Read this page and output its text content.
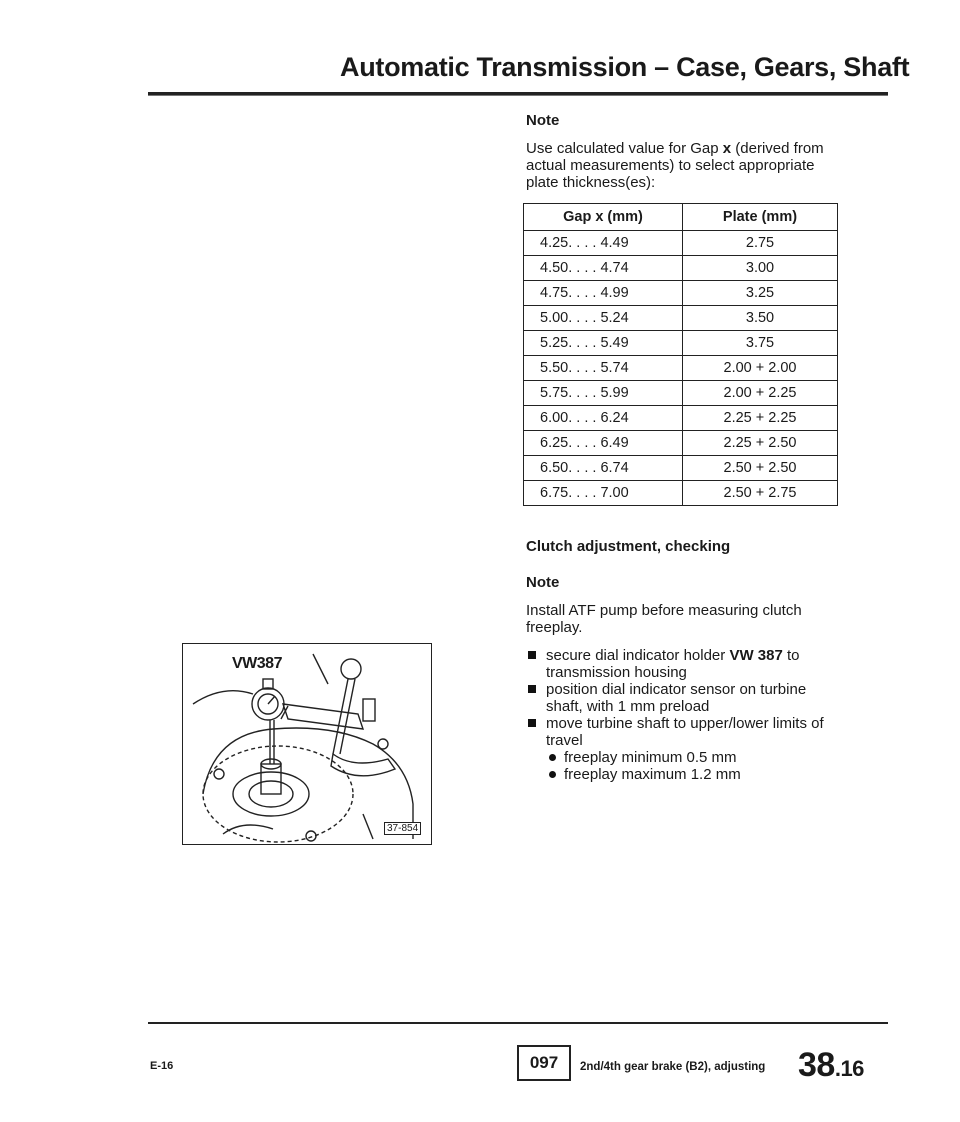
Automatic Transmission – Case, Gears, Shaft
Note
Use calculated value for Gap x (derived from actual measurements) to select appropriate plate thickness(es):
Gap x (mm)	Plate (mm)
4.25. . . . 4.49	2.75
4.50. . . . 4.74	3.00
4.75. . . . 4.99	3.25
5.00. . . . 5.24	3.50
5.25. . . . 5.49	3.75
5.50. . . . 5.74	2.00 + 2.00
5.75. . . . 5.99	2.00 + 2.25
6.00. . . . 6.24	2.25 + 2.25
6.25. . . . 6.49	2.25 + 2.50
6.50. . . . 6.74	2.50 + 2.50
6.75. . . . 7.00	2.50 + 2.75
Clutch adjustment, checking
Note
Install ATF pump before measuring clutch freeplay.
secure dial indicator holder VW 387 to transmission housing
position dial indicator sensor on turbine shaft, with 1 mm preload
move turbine shaft to upper/lower limits of travel
freeplay minimum 0.5 mm
freeplay maximum 1.2 mm
VW387
37-854
E-16	097	2nd/4th gear brake (B2), adjusting 38.16
